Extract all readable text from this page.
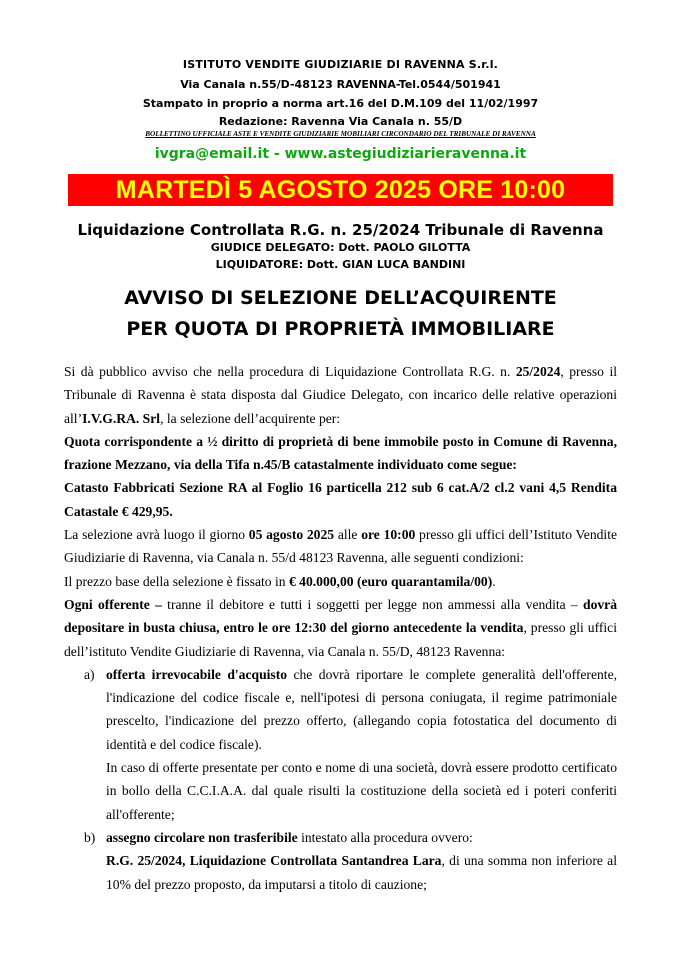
ISTITUTO VENDITE GIUDIZIARIE DI RAVENNA S.r.l.
Via Canala n.55/D-48123 RAVENNA-Tel.0544/501941
Stampato in proprio a norma art.16 del D.M.109 del 11/02/1997
Redazione: Ravenna Via Canala n. 55/D
BOLLETTINO UFFICIALE ASTE E VENDITE GIUDIZIARIE MOBILIARI CIRCONDARIO DEL TRIBUNALE DI RAVENNA
ivgra@email.it - www.astegiudiziarieravenna.it
MARTEDÌ 5 AGOSTO 2025 ORE 10:00
Liquidazione Controllata R.G. n. 25/2024 Tribunale di Ravenna
GIUDICE DELEGATO: Dott. PAOLO GILOTTA
LIQUIDATORE: Dott. GIAN LUCA BANDINI
AVVISO DI SELEZIONE DELL’ACQUIRENTE
PER QUOTA DI PROPRIETÀ IMMOBILIARE

Si dà pubblico avviso che nella procedura di Liquidazione Controllata R.G. n. 25/2024, presso il

Tribunale di Ravenna è stata disposta dal Giudice Delegato, con incarico delle relative operazioni

all’I.V.G.RA. Srl, la selezione dell’acquirente per:

Quota corrispondente a ½ diritto di proprietà di bene immobile posto in Comune di Ravenna,

frazione Mezzano, via della Tifa n.45/B catastalmente individuato come segue:

Catasto Fabbricati Sezione RA al Foglio 16 particella 212 sub 6 cat.A/2 cl.2 vani 4,5 Rendita

Catastale € 429,95.

La selezione avrà luogo il giorno 05 agosto 2025 alle ore 10:00 presso gli uffici dell’Istituto Vendite

Giudiziarie di Ravenna, via Canala n. 55/d 48123 Ravenna, alle seguenti condizioni:

Il prezzo base della selezione è fissato in € 40.000,00 (euro quarantamila/00).

Ogni offerente – tranne il debitore e tutti i soggetti per legge non ammessi alla vendita – dovrà

depositare in busta chiusa, entro le ore 12:30 del giorno antecedente la vendita, presso gli uffici

dell’istituto Vendite Giudiziarie di Ravenna, via Canala n. 55/D, 48123 Ravenna:

a) offerta irrevocabile d'acquisto che dovrà riportare le complete generalità dell'offerente,

l'indicazione del codice fiscale e, nell'ipotesi di persona coniugata, il regime patrimoniale

prescelto, l'indicazione del prezzo offerto, (allegando copia fotostatica del documento di

identità e del codice fiscale).

In caso di offerte presentate per conto e nome di una società, dovrà essere prodotto certificato

in bollo della C.C.I.A.A. dal quale risulti la costituzione della società ed i poteri conferiti

all'offerente;

b) assegno circolare non trasferibile intestato alla procedura ovvero:

R.G. 25/2024, Liquidazione Controllata Santandrea Lara, di una somma non inferiore al

10% del prezzo proposto, da imputarsi a titolo di cauzione;
